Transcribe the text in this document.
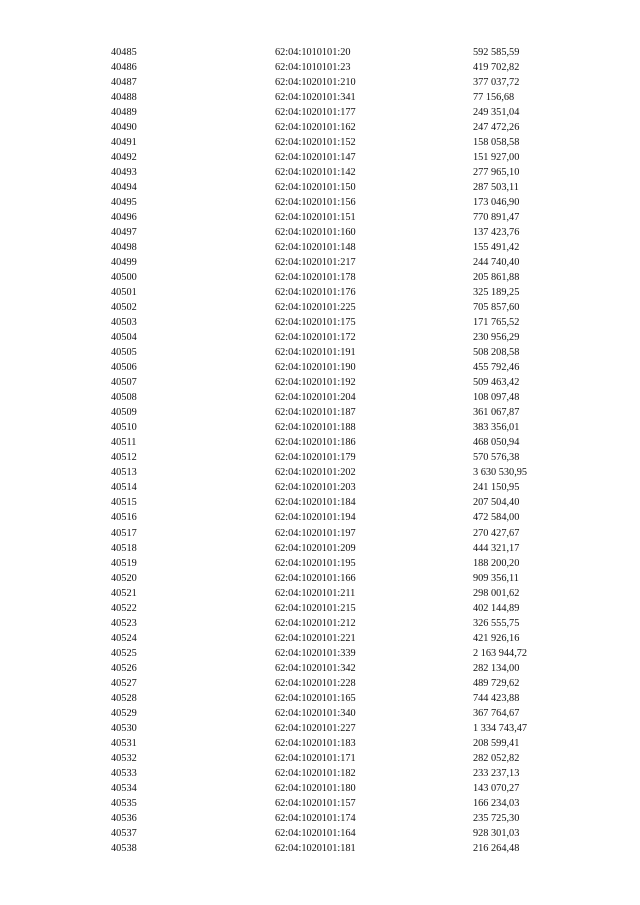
40485	62:04:1010101:20	592 585,59
40486	62:04:1010101:23	419 702,82
40487	62:04:1020101:210	377 037,72
40488	62:04:1020101:341	77 156,68
40489	62:04:1020101:177	249 351,04
40490	62:04:1020101:162	247 472,26
40491	62:04:1020101:152	158 058,58
40492	62:04:1020101:147	151 927,00
40493	62:04:1020101:142	277 965,10
40494	62:04:1020101:150	287 503,11
40495	62:04:1020101:156	173 046,90
40496	62:04:1020101:151	770 891,47
40497	62:04:1020101:160	137 423,76
40498	62:04:1020101:148	155 491,42
40499	62:04:1020101:217	244 740,40
40500	62:04:1020101:178	205 861,88
40501	62:04:1020101:176	325 189,25
40502	62:04:1020101:225	705 857,60
40503	62:04:1020101:175	171 765,52
40504	62:04:1020101:172	230 956,29
40505	62:04:1020101:191	508 208,58
40506	62:04:1020101:190	455 792,46
40507	62:04:1020101:192	509 463,42
40508	62:04:1020101:204	108 097,48
40509	62:04:1020101:187	361 067,87
40510	62:04:1020101:188	383 356,01
40511	62:04:1020101:186	468 050,94
40512	62:04:1020101:179	570 576,38
40513	62:04:1020101:202	3 630 530,95
40514	62:04:1020101:203	241 150,95
40515	62:04:1020101:184	207 504,40
40516	62:04:1020101:194	472 584,00
40517	62:04:1020101:197	270 427,67
40518	62:04:1020101:209	444 321,17
40519	62:04:1020101:195	188 200,20
40520	62:04:1020101:166	909 356,11
40521	62:04:1020101:211	298 001,62
40522	62:04:1020101:215	402 144,89
40523	62:04:1020101:212	326 555,75
40524	62:04:1020101:221	421 926,16
40525	62:04:1020101:339	2 163 944,72
40526	62:04:1020101:342	282 134,00
40527	62:04:1020101:228	489 729,62
40528	62:04:1020101:165	744 423,88
40529	62:04:1020101:340	367 764,67
40530	62:04:1020101:227	1 334 743,47
40531	62:04:1020101:183	208 599,41
40532	62:04:1020101:171	282 052,82
40533	62:04:1020101:182	233 237,13
40534	62:04:1020101:180	143 070,27
40535	62:04:1020101:157	166 234,03
40536	62:04:1020101:174	235 725,30
40537	62:04:1020101:164	928 301,03
40538	62:04:1020101:181	216 264,48
